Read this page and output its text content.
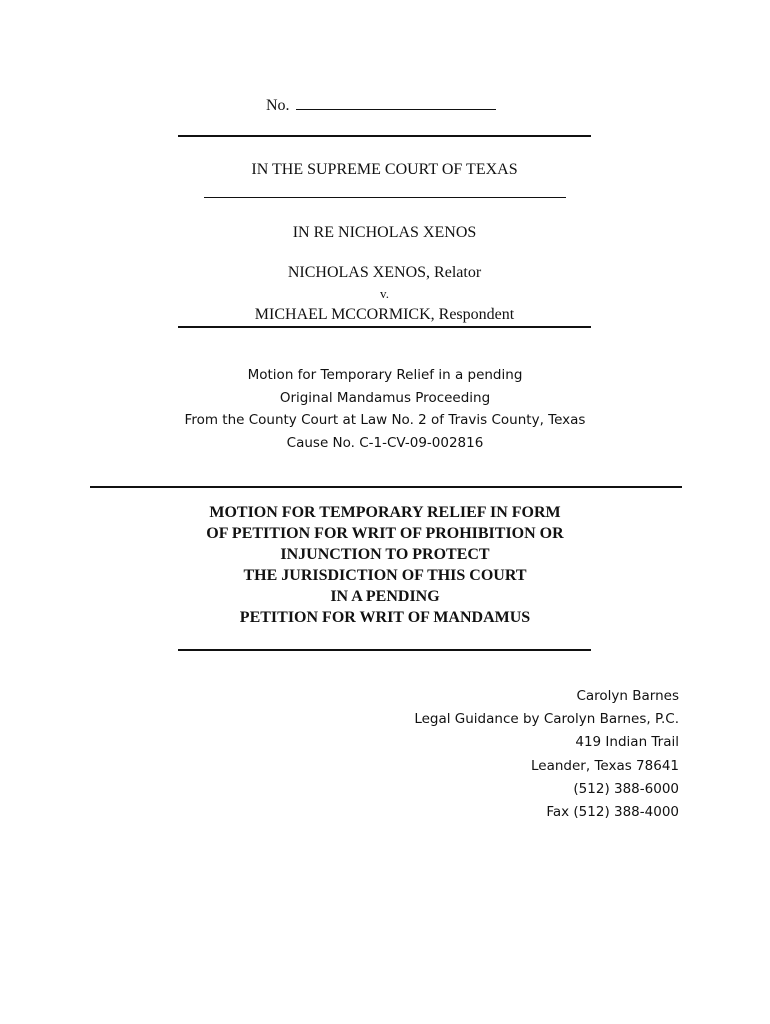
No.
IN THE SUPREME COURT OF TEXAS
IN RE NICHOLAS XENOS
NICHOLAS XENOS, Relator
v.
MICHAEL MCCORMICK, Respondent
Motion for Temporary Relief in a pending
Original Mandamus Proceeding
From the County Court at Law No. 2 of Travis County, Texas
Cause No. C-1-CV-09-002816
MOTION FOR TEMPORARY RELIEF IN FORM
OF PETITION FOR WRIT OF PROHIBITION OR
INJUNCTION TO PROTECT
THE JURISDICTION OF THIS COURT
IN A PENDING
PETITION FOR WRIT OF MANDAMUS
Carolyn Barnes
Legal Guidance by Carolyn Barnes, P.C.
419 Indian Trail
Leander, Texas 78641
(512) 388-6000
Fax (512) 388-4000
